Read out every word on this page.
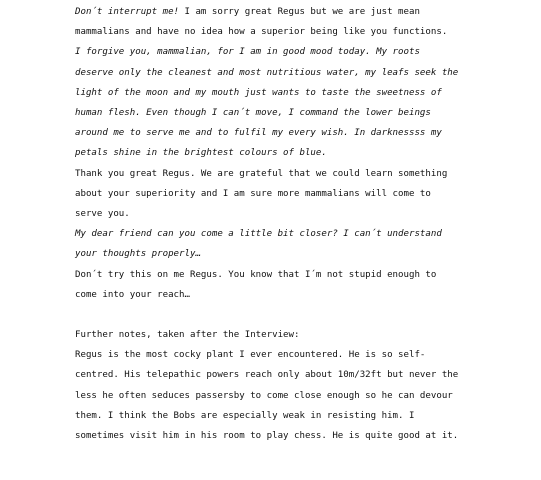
Don´t interrupt me! I am sorry great Regus but we are just mean mammalians and have no idea how a superior being like you functions.

I forgive you, mammalian, for I am in good mood today. My roots deserve only the cleanest and most nutritious water, my leafs seek the light of the moon and my mouth just wants to taste the sweetness of human flesh. Even though I can´t move, I command the lower beings around me to serve me and to fulfil my every wish. In darknessss my petals shine in the brightest colours of blue.

Thank you great Regus. We are grateful that we could learn something about your superiority and I am sure more mammalians will come to serve you.

My dear friend can you come a little bit closer? I can´t understand your thoughts properly…

Don´t try this on me Regus. You know that I´m not stupid enough to come into your reach…

Further notes, taken after the Interview:

Regus is the most cocky plant I ever encountered. He is so self-centred. His telepathic powers reach only about 10m/32ft but never the less he often seduces passersby to come close enough so he can devour them. I think the Bobs are especially weak in resisting him. I sometimes visit him in his room to play chess. He is quite good at it.
